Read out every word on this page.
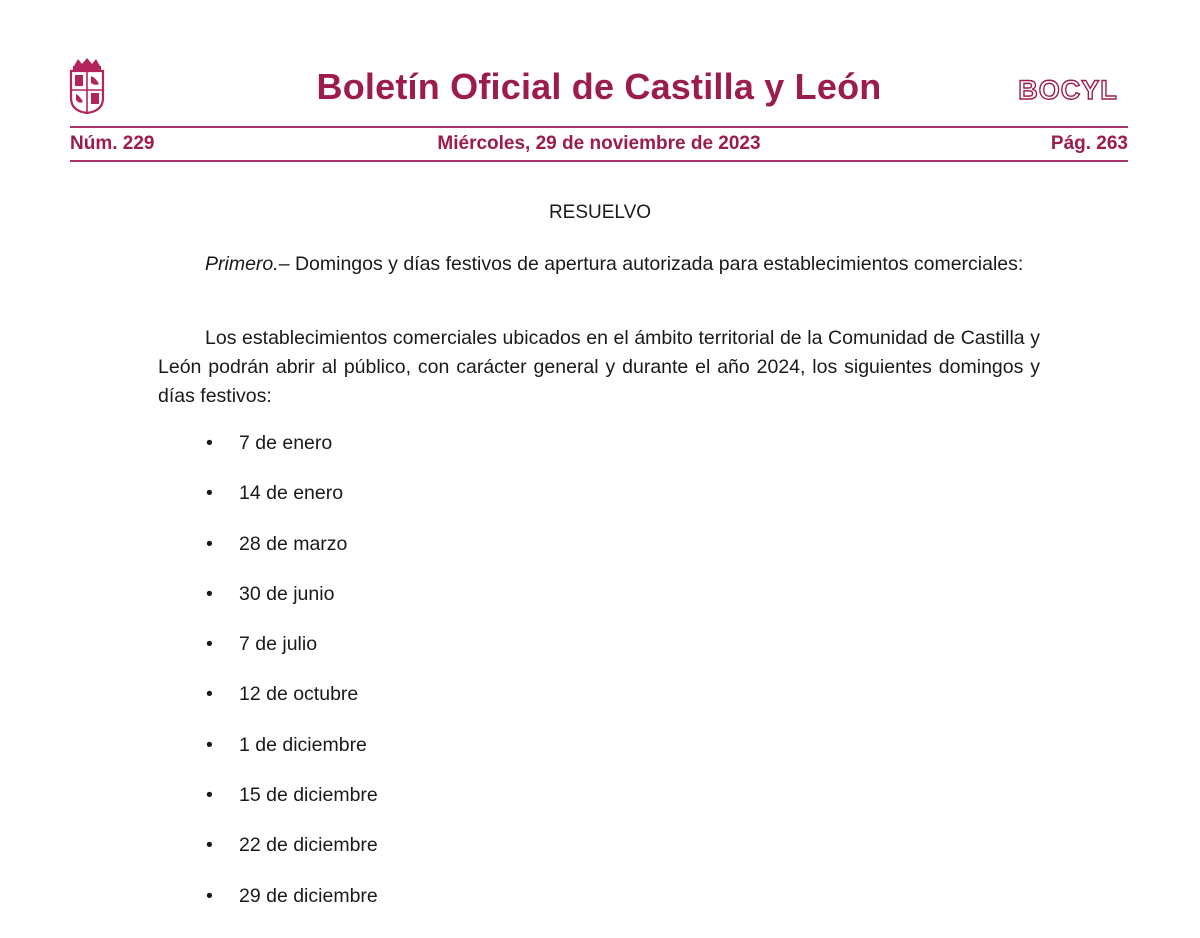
Boletín Oficial de Castilla y León	BOCYL
Núm. 229	Miércoles, 29 de noviembre de 2023	Pág. 263
RESUELVO

Primero.– Domingos y días festivos de apertura autorizada para establecimientos comerciales:

Los establecimientos comerciales ubicados en el ámbito territorial de la Comunidad de Castilla y León podrán abrir al público, con carácter general y durante el año 2024, los siguientes domingos y días festivos:

• 7 de enero
• 14 de enero
• 28 de marzo
• 30 de junio
• 7 de julio
• 12 de octubre
• 1 de diciembre
• 15 de diciembre
• 22 de diciembre
• 29 de diciembre
